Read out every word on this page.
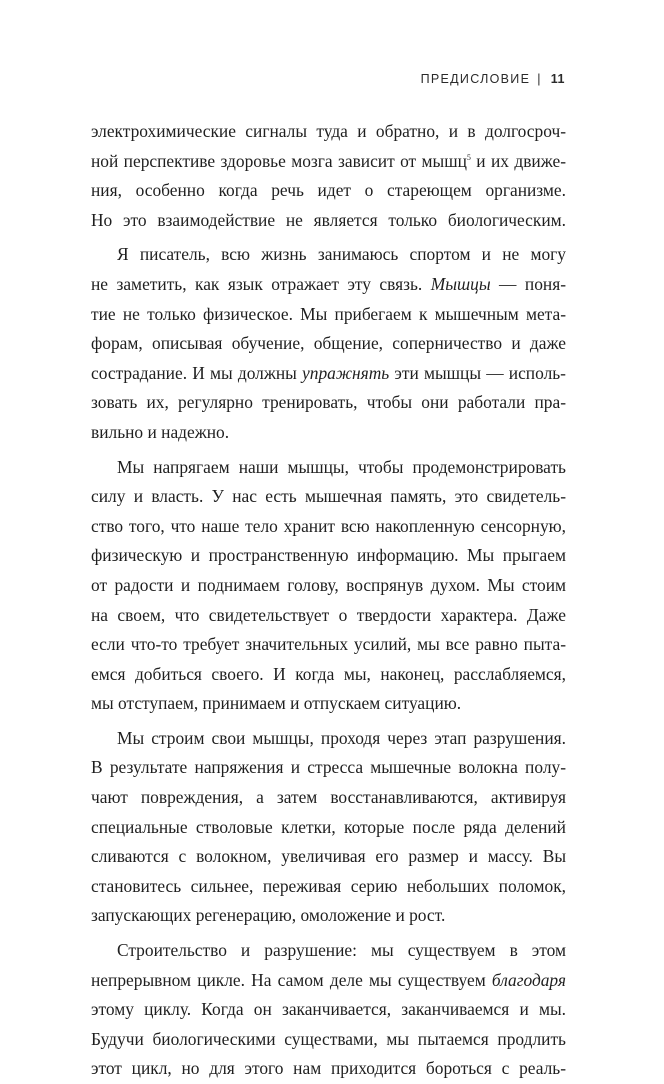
ПРЕДИСЛОВИЕ | 11
электрохимические сигналы туда и обратно, и в долгосроч-
ной перспективе здоровье мозга зависит от мышц$^5$ и их движе-
ния, особенно когда речь идет о стареющем организме.
Но это взаимодействие не является только биологическим.
Я писатель, всю жизнь занимаюсь спортом и не могу
не заметить, как язык отражает эту связь. Мышцы — поня-
тие не только физическое. Мы прибегаем к мышечным мета-
форам, описывая обучение, общение, соперничество и даже
сострадание. И мы должны упражнять эти мышцы — исполь-
зовать их, регулярно тренировать, чтобы они работали пра-
вильно и надежно.
Мы напрягаем наши мышцы, чтобы продемонстрировать
силу и власть. У нас есть мышечная память, это свидетель-
ство того, что наше тело хранит всю накопленную сенсорную,
физическую и пространственную информацию. Мы прыгаем
от радости и поднимаем голову, воспрянув духом. Мы стоим
на своем, что свидетельствует о твердости характера. Даже
если что-то требует значительных усилий, мы все равно пыта-
емся добиться своего. И когда мы, наконец, расслабляемся,
мы отступаем, принимаем и отпускаем ситуацию.
Мы строим свои мышцы, проходя через этап разрушения.
В результате напряжения и стресса мышечные волокна полу-
чают повреждения, а затем восстанавливаются, активируя
специальные стволовые клетки, которые после ряда делений
сливаются с волокном, увеличивая его размер и массу. Вы
становитесь сильнее, переживая серию небольших поломок,
запускающих регенерацию, омоложение и рост.
Строительство и разрушение: мы существуем в этом
непрерывном цикле. На самом деле мы существуем благодаря
этому циклу. Когда он заканчивается, заканчиваемся и мы.
Будучи биологическими существами, мы пытаемся продлить
этот цикл, но для этого нам приходится бороться с реаль-
